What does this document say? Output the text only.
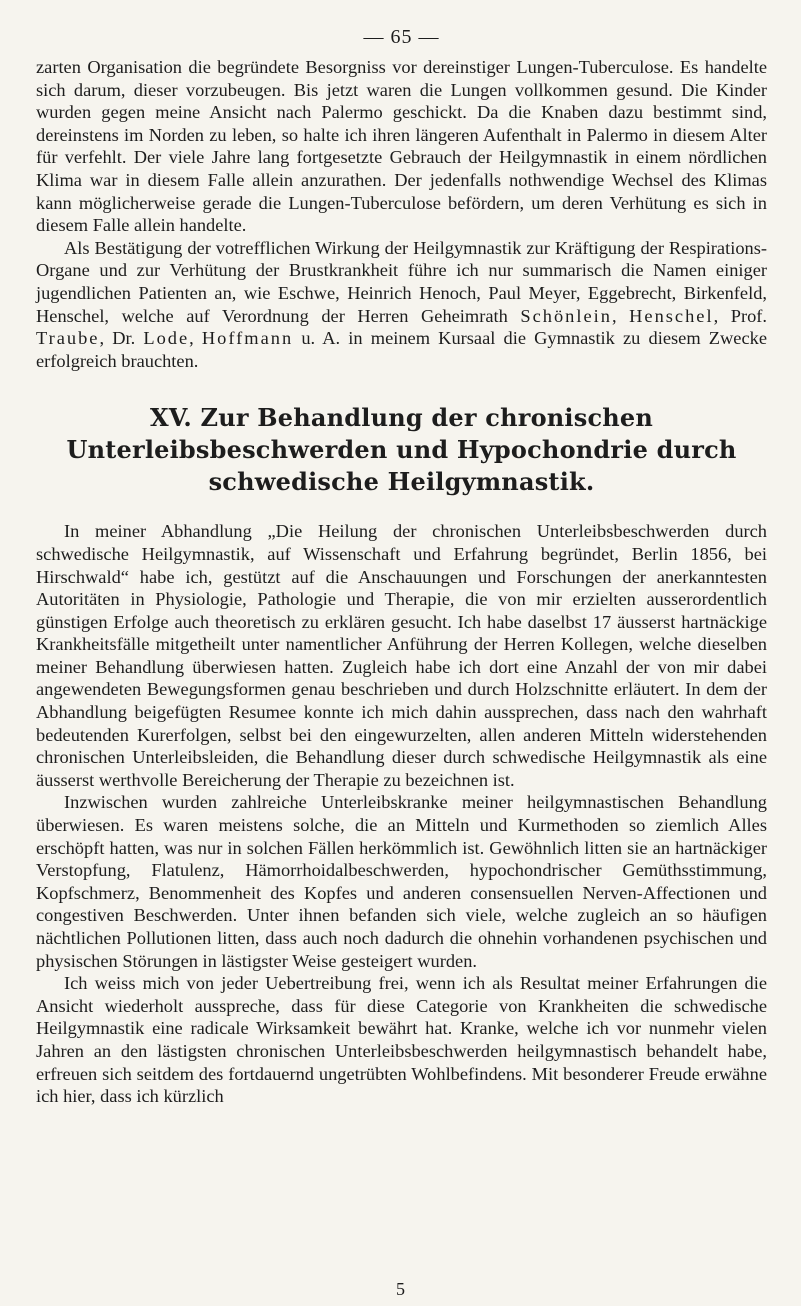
— 65 —

zarten Organisation die begründete Besorgniss vor dereinstiger Lungen-Tuberculose. Es handelte sich darum, dieser vorzubeugen. Bis jetzt waren die Lungen vollkommen gesund. Die Kinder wurden gegen meine Ansicht nach Palermo geschickt. Da die Knaben dazu bestimmt sind, dereinstens im Norden zu leben, so halte ich ihren längeren Aufenthalt in Palermo in diesem Alter für verfehlt. Der viele Jahre lang fortgesetzte Gebrauch der Heilgymnastik in einem nördlichen Klima war in diesem Falle allein anzurathen. Der jedenfalls nothwendige Wechsel des Klimas kann möglicherweise gerade die Lungen-Tuberculose befördern, um deren Verhütung es sich in diesem Falle allein handelte.

Als Bestätigung der votrefflichen Wirkung der Heilgymnastik zur Kräftigung der Respirations-Organe und zur Verhütung der Brustkrankheit führe ich nur summarisch die Namen einiger jugendlichen Patienten an, wie Eschwe, Heinrich Henoch, Paul Meyer, Eggebrecht, Birkenfeld, Henschel, welche auf Verordnung der Herren Geheimrath Schönlein, Henschel, Prof. Traube, Dr. Lode, Hoffmann u. A. in meinem Kursaal die Gymnastik zu diesem Zwecke erfolgreich brauchten.

XV. Zur Behandlung der chronischen Unterleibsbeschwerden und Hypochondrie durch schwedische Heilgymnastik.

In meiner Abhandlung „Die Heilung der chronischen Unterleibsbeschwerden durch schwedische Heilgymnastik, auf Wissenschaft und Erfahrung begründet, Berlin 1856, bei Hirschwald“ habe ich, gestützt auf die Anschauungen und Forschungen der anerkanntesten Autoritäten in Physiologie, Pathologie und Therapie, die von mir erzielten ausserordentlich günstigen Erfolge auch theoretisch zu erklären gesucht. Ich habe daselbst 17 äusserst hartnäckige Krankheitsfälle mitgetheilt unter namentlicher Anführung der Herren Kollegen, welche dieselben meiner Behandlung überwiesen hatten. Zugleich habe ich dort eine Anzahl der von mir dabei angewendeten Bewegungsformen genau beschrieben und durch Holzschnitte erläutert. In dem der Abhandlung beigefügten Resumee konnte ich mich dahin aussprechen, dass nach den wahrhaft bedeutenden Kurerfolgen, selbst bei den eingewurzelten, allen anderen Mitteln widerstehenden chronischen Unterleibsleiden, die Behandlung dieser durch schwedische Heilgymnastik als eine äusserst werthvolle Bereicherung der Therapie zu bezeichnen ist.

Inzwischen wurden zahlreiche Unterleibskranke meiner heilgymnastischen Behandlung überwiesen. Es waren meistens solche, die an Mitteln und Kurmethoden so ziemlich Alles erschöpft hatten, was nur in solchen Fällen herkömmlich ist. Gewöhnlich litten sie an hartnäckiger Verstopfung, Flatulenz, Hämorrhoidalbeschwerden, hypochondrischer Gemüthsstimmung, Kopfschmerz, Benommenheit des Kopfes und anderen consensuellen Nerven-Affectionen und congestiven Beschwerden. Unter ihnen befanden sich viele, welche zugleich an so häufigen nächtlichen Pollutionen litten, dass auch noch dadurch die ohnehin vorhandenen psychischen und physischen Störungen in lästigster Weise gesteigert wurden.

Ich weiss mich von jeder Uebertreibung frei, wenn ich als Resultat meiner Erfahrungen die Ansicht wiederholt ausspreche, dass für diese Categorie von Krankheiten die schwedische Heilgymnastik eine radicale Wirksamkeit bewährt hat. Kranke, welche ich vor nunmehr vielen Jahren an den lästigsten chronischen Unterleibsbeschwerden heilgymnastisch behandelt habe, erfreuen sich seitdem des fortdauernd ungetrübten Wohlbefindens. Mit besonderer Freude erwähne ich hier, dass ich kürzlich

5
